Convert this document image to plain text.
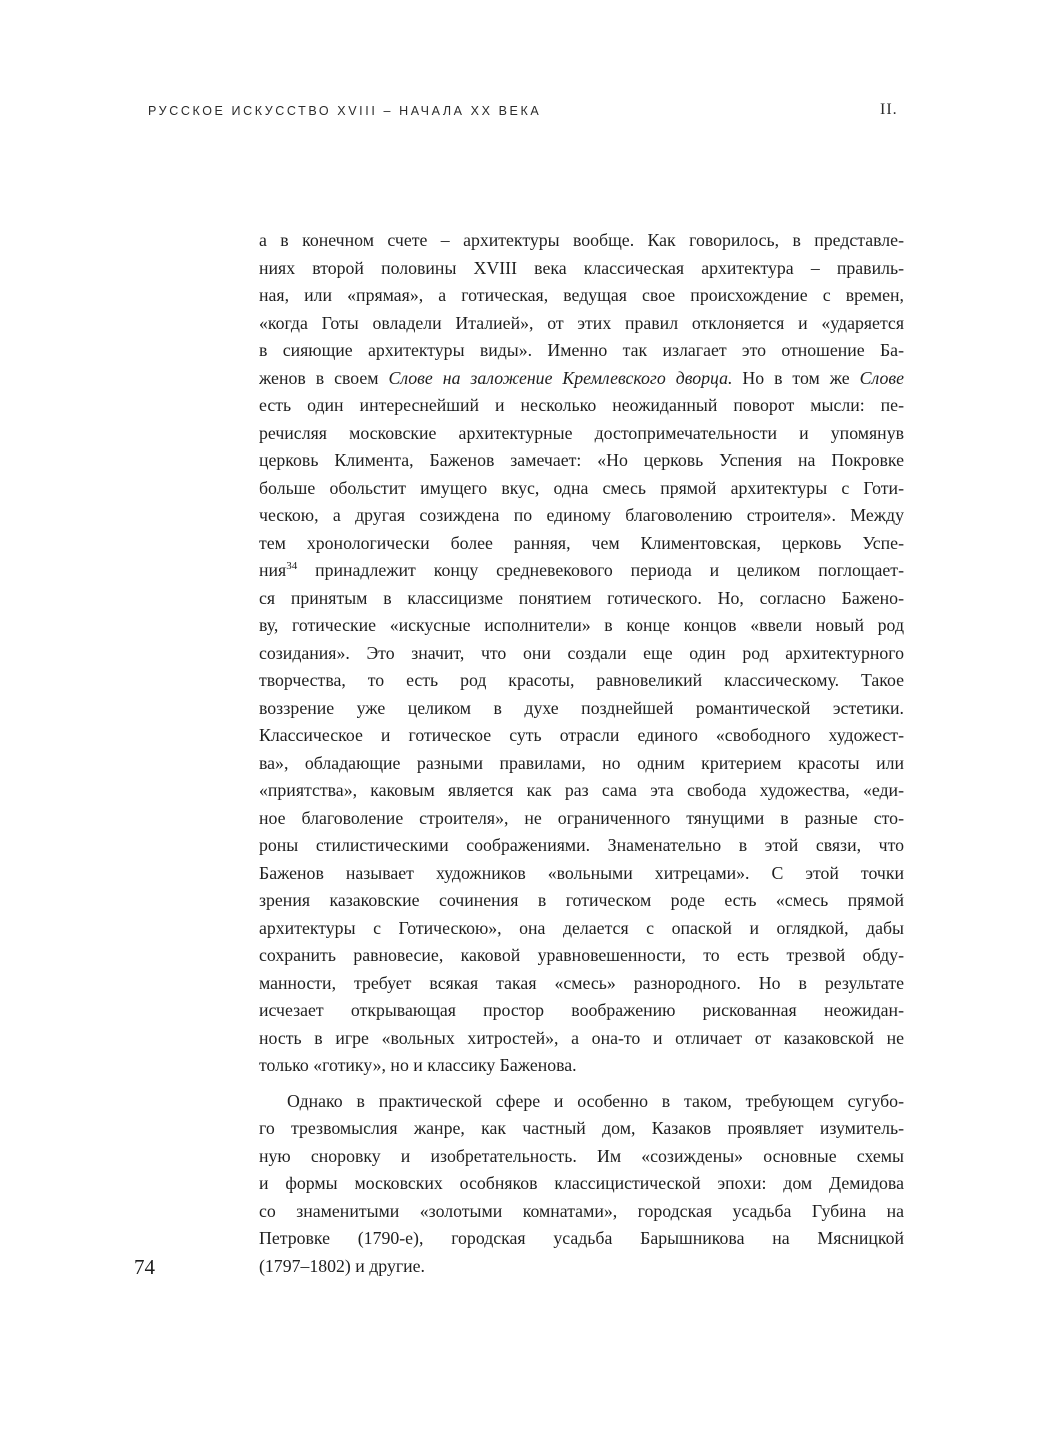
РУССКОЕ ИСКУССТВО XVIII – НАЧАЛА XX ВЕКА	II.
а в конечном счете – архитектуры вообще. Как говорилось, в представле-
ниях второй половины XVIII века классическая архитектура – правиль-
ная, или «прямая», а готическая, ведущая свое происхождение с времен,
«когда Готы овладели Италией», от этих правил отклоняется и «ударяется
в сияющие архитектуры виды». Именно так излагает это отношение Ба-
женов в своем Слове на заложение Кремлевского дворца. Но в том же Слове
есть один интереснейший и несколько неожиданный поворот мысли: пе-
речисляя московские архитектурные достопримечательности и упомянув
церковь Климента, Баженов замечает: «Но церковь Успения на Покровке
больше обольстит имущего вкус, одна смесь прямой архитектуры с Готи-
ческою, а другая созиждена по единому благоволению строителя». Между
тем хронологически более ранняя, чем Климентовская, церковь Успе-
ния$^{34}$ принадлежит концу средневекового периода и целиком поглощает-
ся принятым в классицизме понятием готического. Но, согласно Бажено-
ву, готические «искусные исполнители» в конце концов «ввели новый род
созидания». Это значит, что они создали еще один род архитектурного
творчества, то есть род красоты, равновеликий классическому. Такое
воззрение уже целиком в духе позднейшей романтической эстетики.
Классическое и готическое суть отрасли единого «свободного художест-
ва», обладающие разными правилами, но одним критерием красоты или
«приятства», каковым является как раз сама эта свобода художества, «еди-
ное благоволение строителя», не ограниченного тянущими в разные сто-
роны стилистическими соображениями. Знаменательно в этой связи, что
Баженов называет художников «вольными хитрецами». С этой точки
зрения казаковские сочинения в готическом роде есть «смесь прямой
архитектуры с Готическою», она делается с опаской и оглядкой, дабы
сохранить равновесие, каковой уравновешенности, то есть трезвой обду-
манности, требует всякая такая «смесь» разнородного. Но в результате
исчезает открывающая простор воображению рискованная неожидан-
ность в игре «вольных хитростей», а она-то и отличает от казаковской не
только «готику», но и классику Баженова.
Однако в практической сфере и особенно в таком, требующем сугубо-
го трезвомыслия жанре, как частный дом, Казаков проявляет изумитель-
ную сноровку и изобретательность. Им «созиждены» основные схемы
и формы московских особняков классицистической эпохи: дом Демидова
со знаменитыми «золотыми комнатами», городская усадьба Губина на
Петровке (1790-е), городская усадьба Барышникова на Мясницкой
(1797–1802) и другие.
74
